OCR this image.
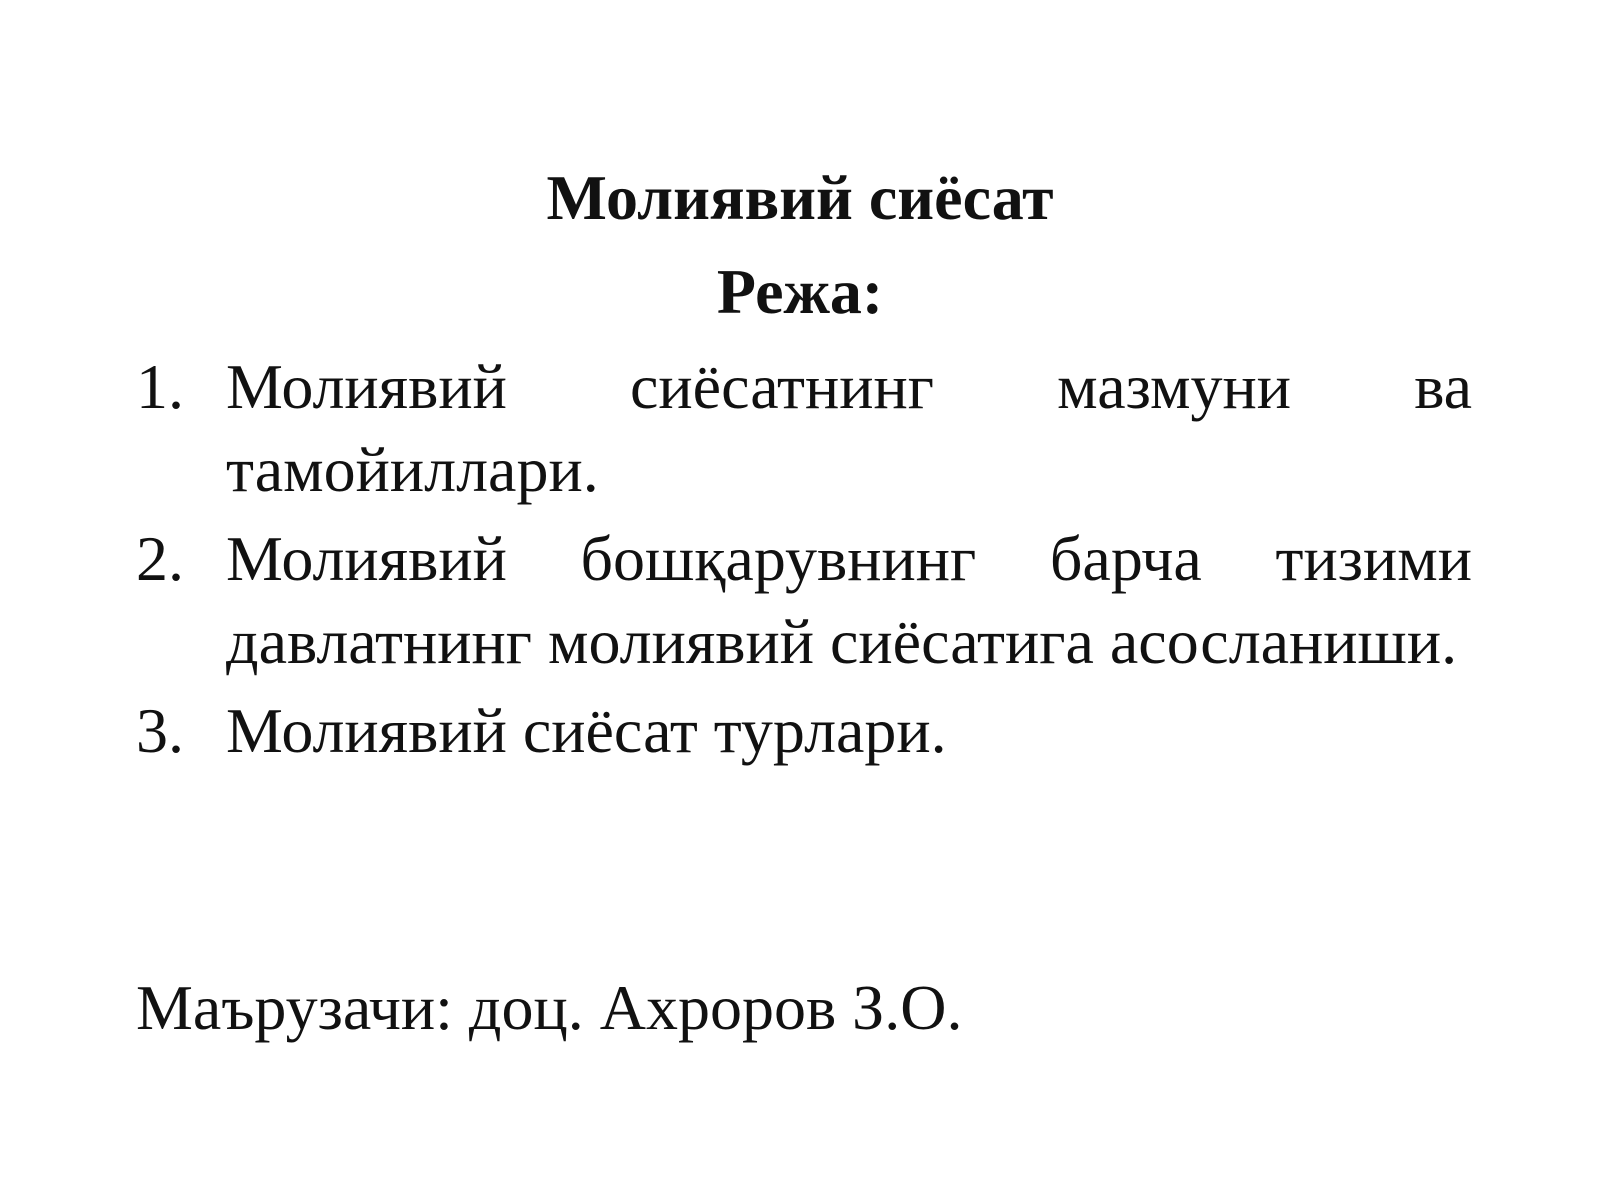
Молиявий сиёсат
Режа:
1. Молиявий сиёсатнинг мазмуни ва тамойиллари.
2. Молиявий бошқарувнинг барча тизими давлатнинг молиявий сиёсатига асосланиши.
3. Молиявий сиёсат турлари.

Маърузачи: доц. Ахроров З.О.
